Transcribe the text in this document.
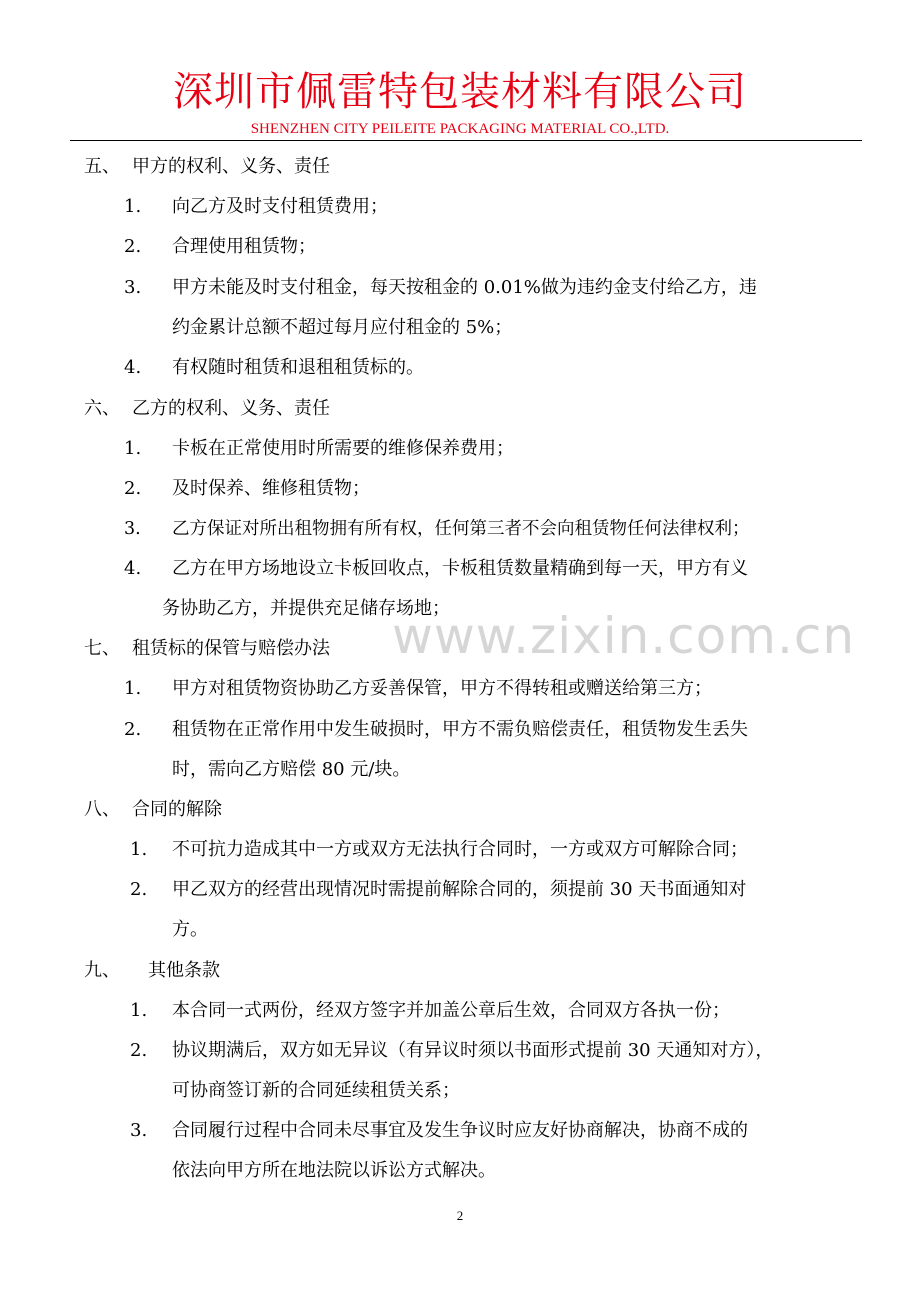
深圳市佩雷特包装材料有限公司
SHENZHEN CITY PEILEITE PACKAGING MATERIAL CO.,LTD.
www.zixin.com.cn
五、 甲方的权利、义务、责任
1. 向乙方及时支付租赁费用；
2. 合理使用租赁物；
3. 甲方未能及时支付租金，每天按租金的 0.01%做为违约金支付给乙方，违
约金累计总额不超过每月应付租金的 5%；
4. 有权随时租赁和退租租赁标的。
六、 乙方的权利、义务、责任
1. 卡板在正常使用时所需要的维修保养费用；
2. 及时保养、维修租赁物；
3. 乙方保证对所出租物拥有所有权，任何第三者不会向租赁物任何法律权利；
4. 乙方在甲方场地设立卡板回收点，卡板租赁数量精确到每一天，甲方有义
务协助乙方，并提供充足储存场地；
七、 租赁标的保管与赔偿办法
1. 甲方对租赁物资协助乙方妥善保管，甲方不得转租或赠送给第三方；
2. 租赁物在正常作用中发生破损时，甲方不需负赔偿责任，租赁物发生丢失
时，需向乙方赔偿 80 元/块。
八、 合同的解除
1. 不可抗力造成其中一方或双方无法执行合同时，一方或双方可解除合同；
2. 甲乙双方的经营出现情况时需提前解除合同的，须提前 30 天书面通知对
方。
九、 其他条款
1. 本合同一式两份，经双方签字并加盖公章后生效，合同双方各执一份；
2. 协议期满后，双方如无异议（有异议时须以书面形式提前 30 天通知对方），
可协商签订新的合同延续租赁关系；
3. 合同履行过程中合同未尽事宜及发生争议时应友好协商解决，协商不成的
依法向甲方所在地法院以诉讼方式解决。
2
